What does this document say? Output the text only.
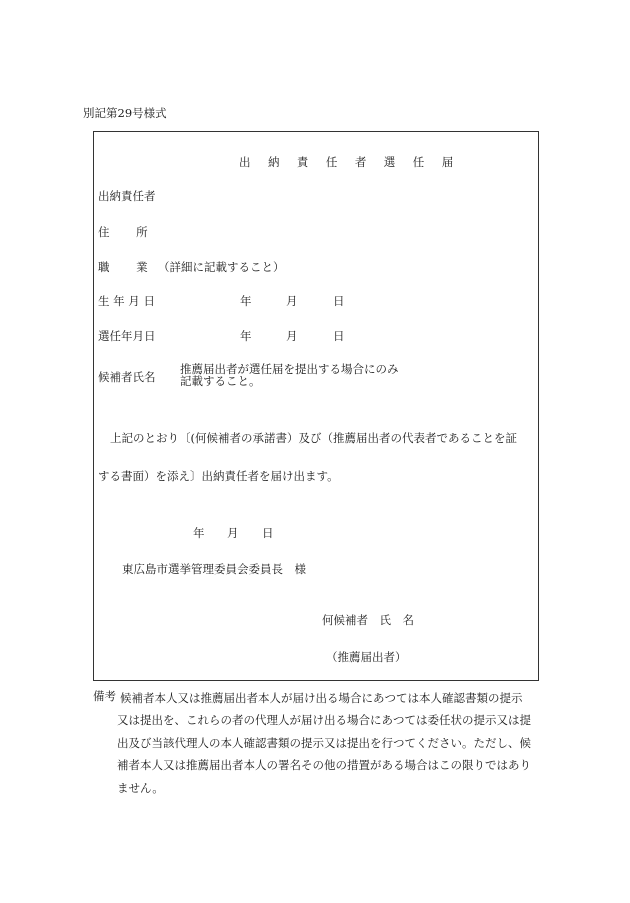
別記第29号様式
出 納 責 任 者 選 任 届
出納責任者
住　　 所
職　　 業 （詳細に記載すること）
生 年 月 日	年	月	日
選任年月日	年	月	日
候補者氏名
推薦届出者が選任届を提出する場合にのみ
記載すること。
上記のとおり〔(何候補者の承諾書）及び（推薦届出者の代表者であることを証
する書面）を添え〕出納責任者を届け出ます。
年 月 日
東広島市選挙管理委員会委員長　様
何候補者　氏　名
（推薦届出者）
備考 候補者本人又は推薦届出者本人が届け出る場合にあつては本人確認書類の提示
又は提出を、これらの者の代理人が届け出る場合にあつては委任状の提示又は提
出及び当該代理人の本人確認書類の提示又は提出を行つてください。ただし、候
補者本人又は推薦届出者本人の署名その他の措置がある場合はこの限りではあり
ません。
